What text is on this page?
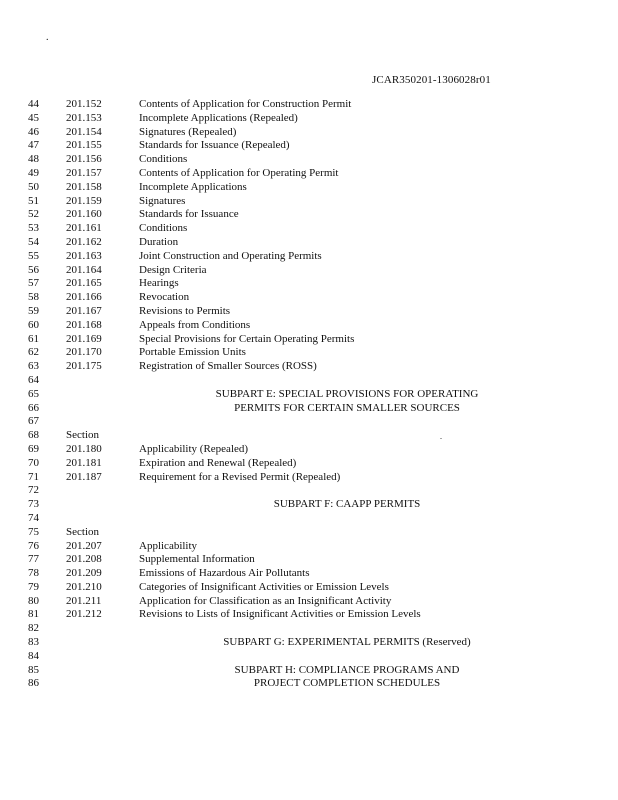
.
JCAR350201-1306028r01
.
44	201.152	Contents of Application for Construction Permit
45	201.153	Incomplete Applications (Repealed)
46	201.154	Signatures (Repealed)
47	201.155	Standards for Issuance (Repealed)
48	201.156	Conditions
49	201.157	Contents of Application for Operating Permit
50	201.158	Incomplete Applications
51	201.159	Signatures
52	201.160	Standards for Issuance
53	201.161	Conditions
54	201.162	Duration
55	201.163	Joint Construction and Operating Permits
56	201.164	Design Criteria
57	201.165	Hearings
58	201.166	Revocation
59	201.167	Revisions to Permits
60	201.168	Appeals from Conditions
61	201.169	Special Provisions for Certain Operating Permits
62	201.170	Portable Emission Units
63	201.175	Registration of Smaller Sources (ROSS)
64
65	SUBPART E: SPECIAL PROVISIONS FOR OPERATING
66	PERMITS FOR CERTAIN SMALLER SOURCES
67
68	Section
69	201.180	Applicability (Repealed)
70	201.181	Expiration and Renewal (Repealed)
71	201.187	Requirement for a Revised Permit (Repealed)
72
73	SUBPART F: CAAPP PERMITS
74
75	Section
76	201.207	Applicability
77	201.208	Supplemental Information
78	201.209	Emissions of Hazardous Air Pollutants
79	201.210	Categories of Insignificant Activities or Emission Levels
80	201.211	Application for Classification as an Insignificant Activity
81	201.212	Revisions to Lists of Insignificant Activities or Emission Levels
82
83	SUBPART G: EXPERIMENTAL PERMITS (Reserved)
84
85	SUBPART H: COMPLIANCE PROGRAMS AND
86	PROJECT COMPLETION SCHEDULES
